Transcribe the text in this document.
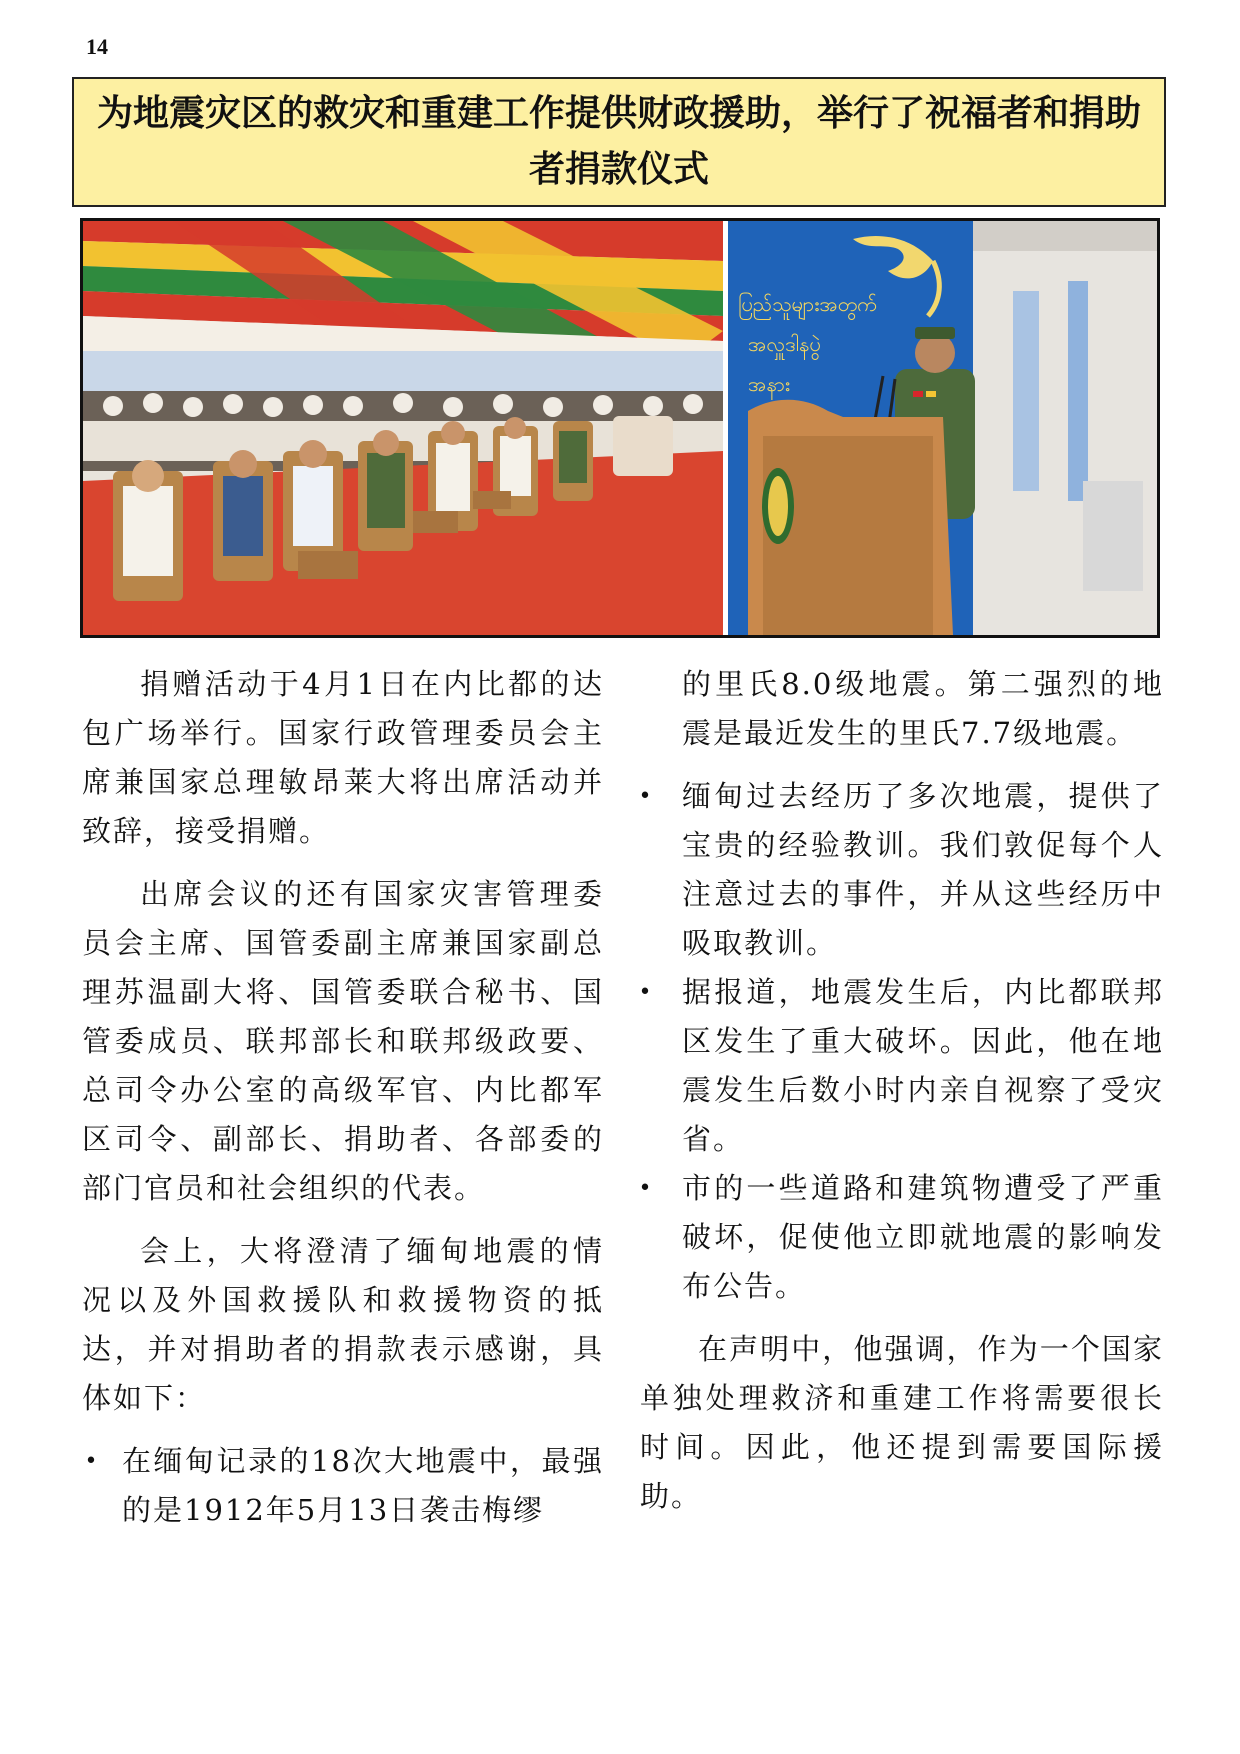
14
为地震灾区的救灾和重建工作提供财政援助，举行了祝福者和捐助者捐款仪式
ပြည်သူများအတွက်
အလှူဒါနပွဲ
အနား

捐赠活动于4月1日在内比都的达包广场举行。国家行政管理委员会主席兼国家总理敏昂莱大将出席活动并致辞，接受捐赠。

出席会议的还有国家灾害管理委员会主席、国管委副主席兼国家副总理苏温副大将、国管委联合秘书、国管委成员、联邦部长和联邦级政要、总司令办公室的高级军官、内比都军区司令、副部长、捐助者、各部委的部门官员和社会组织的代表。

会上，大将澄清了缅甸地震的情况以及外国救援队和救援物资的抵达，并对捐助者的捐款表示感谢，具体如下：

• 在缅甸记录的18次大地震中，最强的是1912年5月13日袭击梅缪

的里氏8.0级地震。第二强烈的地震是最近发生的里氏7.7级地震。

• 缅甸过去经历了多次地震，提供了宝贵的经验教训。我们敦促每个人注意过去的事件，并从这些经历中吸取教训。
• 据报道，地震发生后，内比都联邦区发生了重大破坏。因此，他在地震发生后数小时内亲自视察了受灾省。
• 市的一些道路和建筑物遭受了严重破坏，促使他立即就地震的影响发布公告。

在声明中，他强调，作为一个国家单独处理救济和重建工作将需要很长时间。因此，他还提到需要国际援助。
